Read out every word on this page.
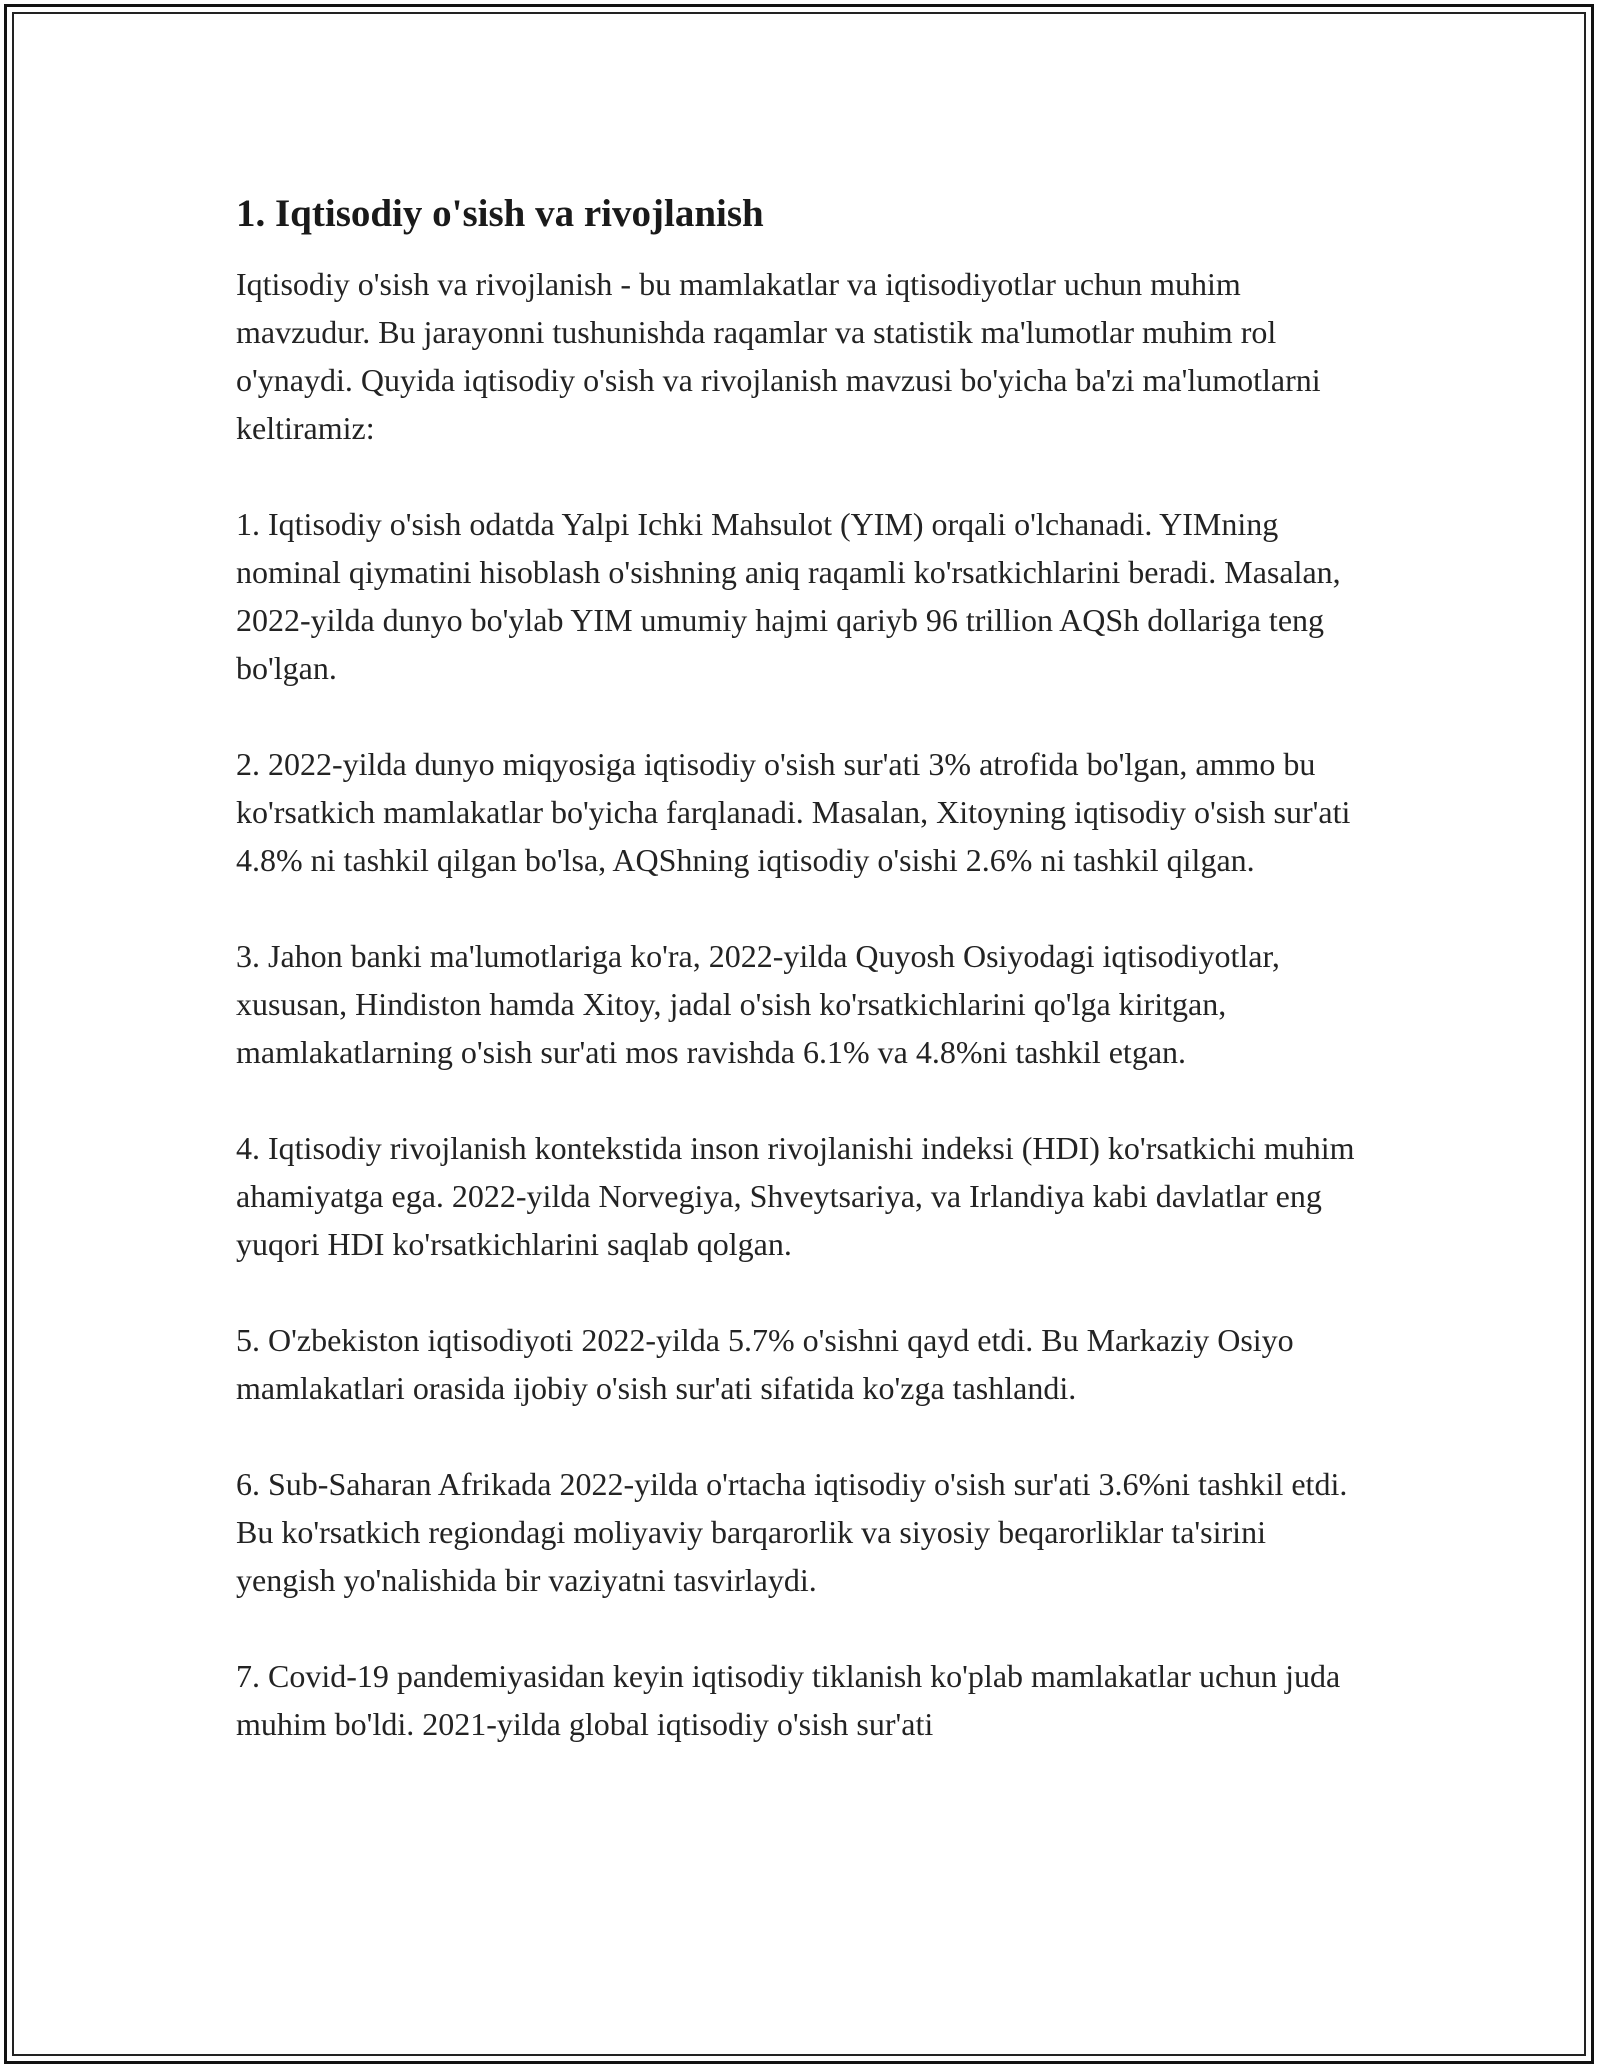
1. Iqtisodiy o'sish va rivojlanish

Iqtisodiy o'sish va rivojlanish - bu mamlakatlar va iqtisodiyotlar uchun muhim mavzudur. Bu jarayonni tushunishda raqamlar va statistik ma'lumotlar muhim rol o'ynaydi. Quyida iqtisodiy o'sish va rivojlanish mavzusi bo'yicha ba'zi ma'lumotlarni keltiramiz:

1. Iqtisodiy o'sish odatda Yalpi Ichki Mahsulot (YIM) orqali o'lchanadi. YIMning nominal qiymatini hisoblash o'sishning aniq raqamli ko'rsatkichlarini beradi. Masalan, 2022-yilda dunyo bo'ylab YIM umumiy hajmi qariyb 96 trillion AQSh dollariga teng bo'lgan.

2. 2022-yilda dunyo miqyosiga iqtisodiy o'sish sur'ati 3% atrofida bo'lgan, ammo bu ko'rsatkich mamlakatlar bo'yicha farqlanadi. Masalan, Xitoyning iqtisodiy o'sish sur'ati 4.8% ni tashkil qilgan bo'lsa, AQShning iqtisodiy o'sishi 2.6% ni tashkil qilgan.

3. Jahon banki ma'lumotlariga ko'ra, 2022-yilda Quyosh Osiyodagi iqtisodiyotlar, xususan, Hindiston hamda Xitoy, jadal o'sish ko'rsatkichlarini qo'lga kiritgan, mamlakatlarning o'sish sur'ati mos ravishda 6.1% va 4.8%ni tashkil etgan.

4. Iqtisodiy rivojlanish kontekstida inson rivojlanishi indeksi (HDI) ko'rsatkichi muhim ahamiyatga ega. 2022-yilda Norvegiya, Shveytsariya, va Irlandiya kabi davlatlar eng yuqori HDI ko'rsatkichlarini saqlab qolgan.

5. O'zbekiston iqtisodiyoti 2022-yilda 5.7% o'sishni qayd etdi. Bu Markaziy Osiyo mamlakatlari orasida ijobiy o'sish sur'ati sifatida ko'zga tashlandi.

6. Sub-Saharan Afrikada 2022-yilda o'rtacha iqtisodiy o'sish sur'ati 3.6%ni tashkil etdi. Bu ko'rsatkich regiondagi moliyaviy barqarorlik va siyosiy beqarorliklar ta'sirini yengish yo'nalishida bir vaziyatni tasvirlaydi.

7. Covid-19 pandemiyasidan keyin iqtisodiy tiklanish ko'plab mamlakatlar uchun juda muhim bo'ldi. 2021-yilda global iqtisodiy o'sish sur'ati
